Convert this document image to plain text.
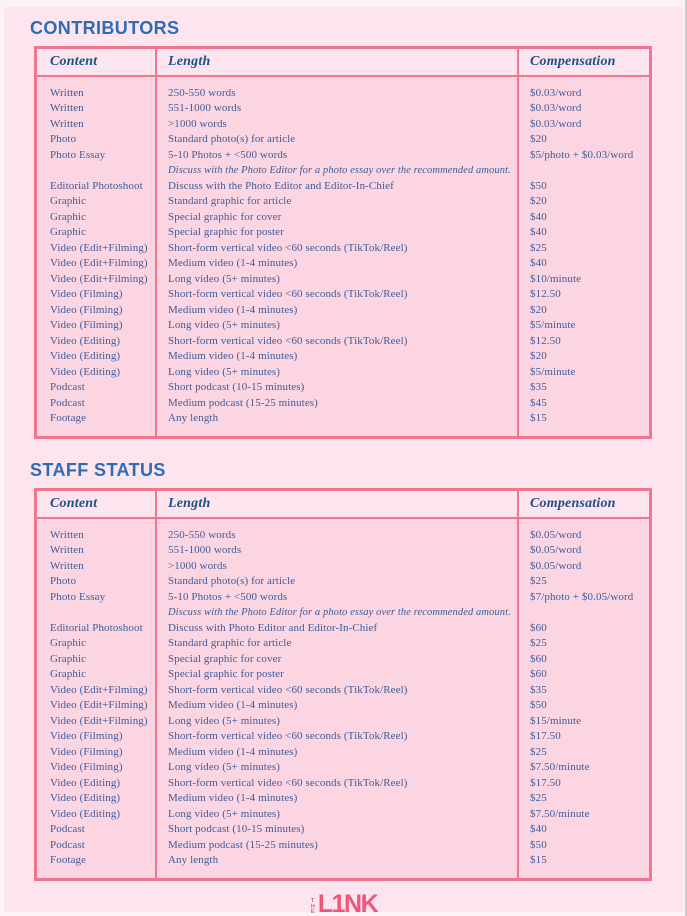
CONTRIBUTORS
Content	Length	Compensation
Written	250-550 words	$0.03/word
Written	551-1000 words	$0.03/word
Written	>1000 words	$0.03/word
Photo	Standard photo(s) for article	$20
Photo Essay	5-10 Photos + <500 words	$5/photo + $0.03/word
Discuss with the Photo Editor for a photo essay over the recommended amount.
Editorial Photoshoot	Discuss with the Photo Editor and Editor-In-Chief	$50
Graphic	Standard graphic for article	$20
Graphic	Special graphic for cover	$40
Graphic	Special graphic for poster	$40
Video (Edit+Filming)	Short-form vertical video <60 seconds (TikTok/Reel)	$25
Video (Edit+Filming)	Medium video (1-4 minutes)	$40
Video (Edit+Filming)	Long video (5+ minutes)	$10/minute
Video (Filming)	Short-form vertical video <60 seconds (TikTok/Reel)	$12.50
Video (Filming)	Medium video (1-4 minutes)	$20
Video (Filming)	Long video (5+ minutes)	$5/minute
Video (Editing)	Short-form vertical video <60 seconds (TikTok/Reel)	$12.50
Video (Editing)	Medium video (1-4 minutes)	$20
Video (Editing)	Long video (5+ minutes)	$5/minute
Podcast	Short podcast (10-15 minutes)	$35
Podcast	Medium podcast (15-25 minutes)	$45
Footage	Any length	$15
STAFF STATUS
Content	Length	Compensation
Written	250-550 words	$0.05/word
Written	551-1000 words	$0.05/word
Written	>1000 words	$0.05/word
Photo	Standard photo(s) for article	$25
Photo Essay	5-10 Photos + <500 words	$7/photo + $0.05/word
Discuss with the Photo Editor for a photo essay over the recommended amount.
Editorial Photoshoot	Discuss with Photo Editor and Editor-In-Chief	$60
Graphic	Standard graphic for article	$25
Graphic	Special graphic for cover	$60
Graphic	Special graphic for poster	$60
Video (Edit+Filming)	Short-form vertical video <60 seconds (TikTok/Reel)	$35
Video (Edit+Filming)	Medium video (1-4 minutes)	$50
Video (Edit+Filming)	Long video (5+ minutes)	$15/minute
Video (Filming)	Short-form vertical video <60 seconds (TikTok/Reel)	$17.50
Video (Filming)	Medium video (1-4 minutes)	$25
Video (Filming)	Long video (5+ minutes)	$7.50/minute
Video (Editing)	Short-form vertical video <60 seconds (TikTok/Reel)	$17.50
Video (Editing)	Medium video (1-4 minutes)	$25
Video (Editing)	Long video (5+ minutes)	$7.50/minute
Podcast	Short podcast (10-15 minutes)	$40
Podcast	Medium podcast (15-25 minutes)	$50
Footage	Any length	$15
THE L1NK
